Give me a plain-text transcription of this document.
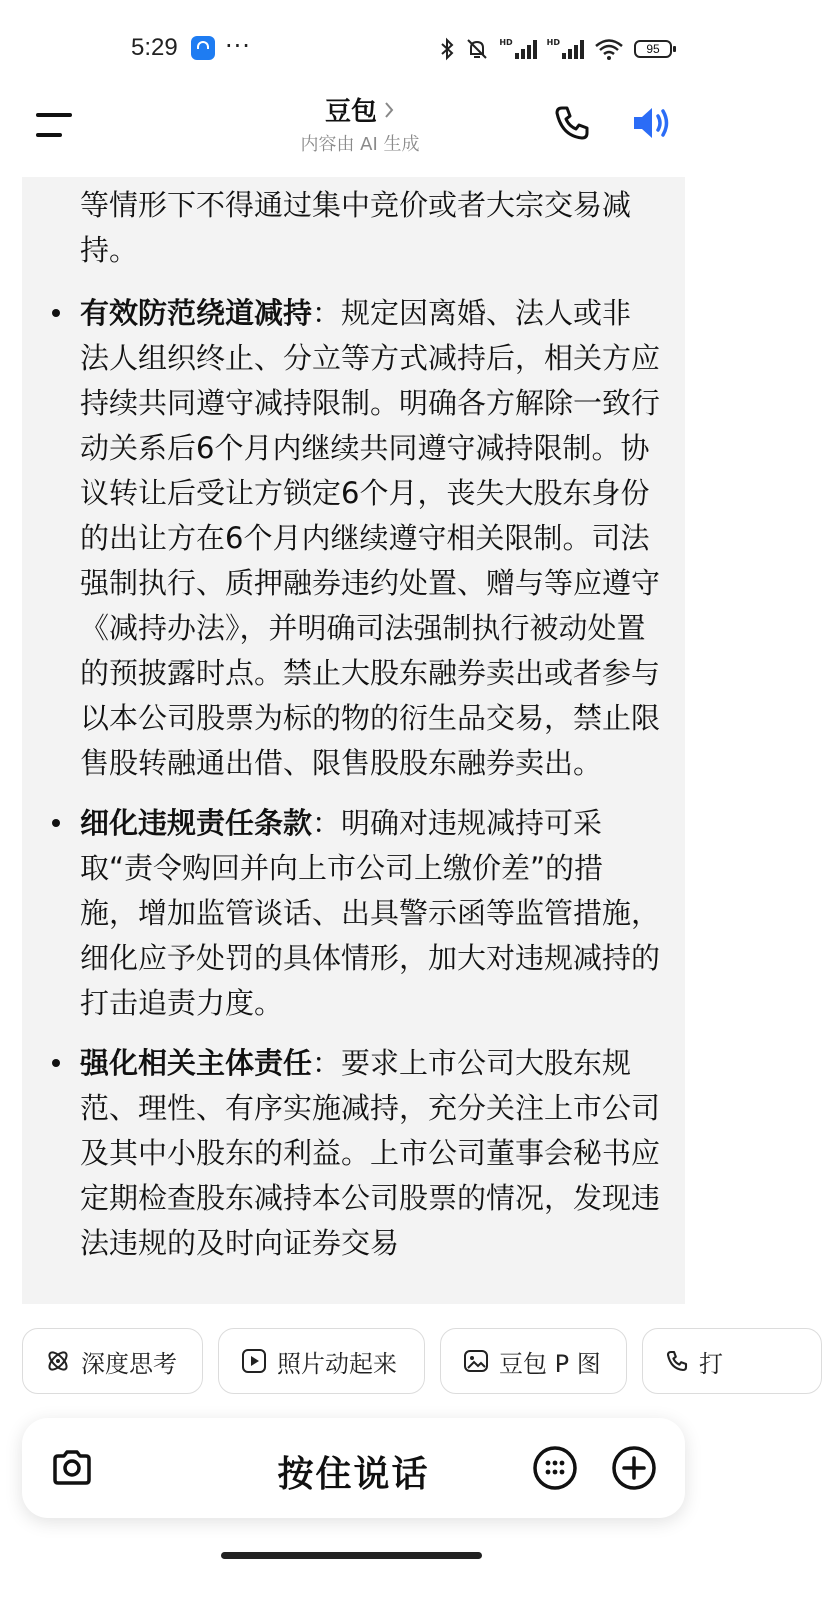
5:29 ···	HD	HD	95
豆包
内容由 AI 生成

等情形下不得通过集中竞价或者大宗交易减持。

有效防范绕道减持：规定因离婚、法人或非法人组织终止、分立等方式减持后，相关方应持续共同遵守减持限制。明确各方解除一致行动关系后6个月内继续共同遵守减持限制。协议转让后受让方锁定6个月，丧失大股东身份的出让方在6个月内继续遵守相关限制。司法强制执行、质押融券违约处置、赠与等应遵守《减持办法》，并明确司法强制执行被动处置的预披露时点。禁止大股东融券卖出或者参与以本公司股票为标的物的衍生品交易，禁止限售股转融通出借、限售股股东融券卖出。
细化违规责任条款：明确对违规减持可采取“责令购回并向上市公司上缴价差”的措施，增加监管谈话、出具警示函等监管措施，细化应予处罚的具体情形，加大对违规减持的打击追责力度。
强化相关主体责任：要求上市公司大股东规范、理性、有序实施减持，充分关注上市公司及其中小股东的利益。上市公司董事会秘书应定期检查股东减持本公司股票的情况，发现违法违规的及时向证券交易
深度思考	照片动起来	豆包 P 图	打
按住说话
